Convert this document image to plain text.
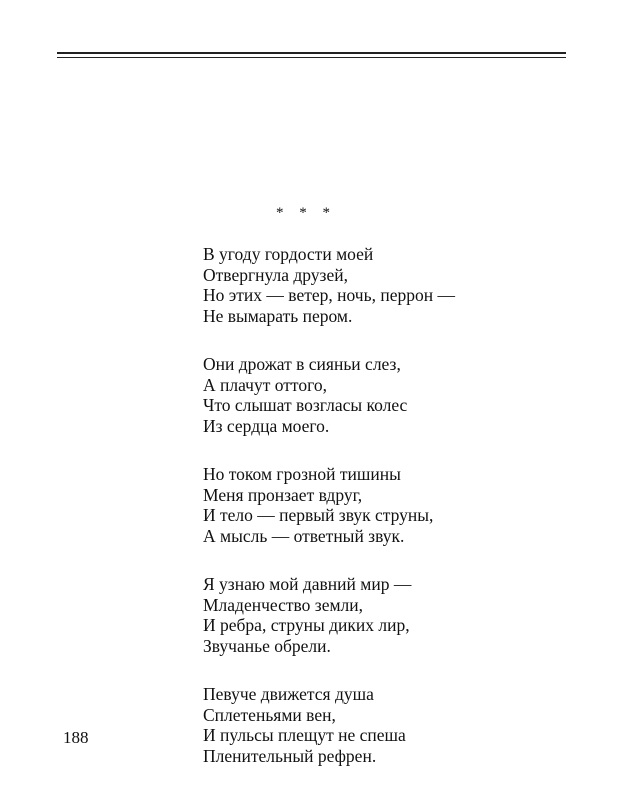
* * *
В угоду гордости моей
Отвергнула друзей,
Но этих — ветер, ночь, перрон —
Не вымарать пером.
Они дрожат в сияньи слез,
А плачут оттого,
Что слышат возгласы колес
Из сердца моего.
Но током грозной тишины
Меня пронзает вдруг,
И тело — первый звук струны,
А мысль — ответный звук.
Я узнаю мой давний мир —
Младенчество земли,
И ребра, струны диких лир,
Звучанье обрели.
Певуче движется душа
Сплетеньями вен,
И пульсы плещут не спеша
Пленительный рефрен.
188
